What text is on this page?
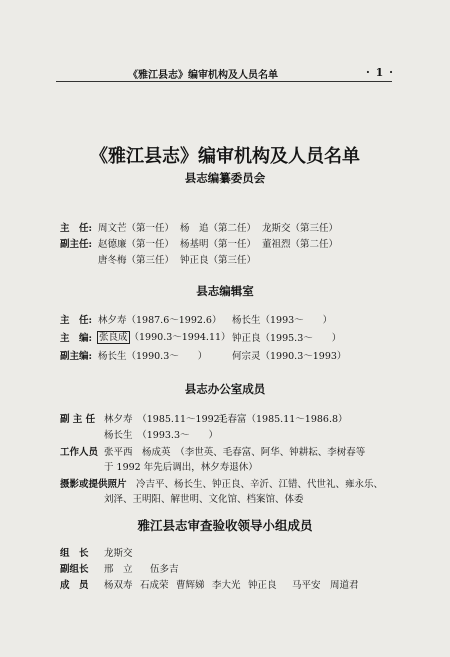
《雅江县志》编审机构及人员名单	· 1 ·
《雅江县志》编审机构及人员名单
县志编纂委员会
主　任: 周文芒（第一任） 杨　追（第二任） 龙斯交（第三任）
副主任: 赵德廉（第一任） 杨基明（第一任） 董祖烈（第二任）
唐冬梅（第三任） 钟正良（第三任）
县志编辑室
主　任: 林夕寿（1987.6～1992.6） 杨长生（1993～　　）
主　编: 张良成 （1990.3～1994.11） 钟正良（1995.3～　　）
副主编: 杨长生（1990.3～　　）	何宗灵（1990.3～1993）
县志办公室成员
副 主 任 林夕寿　（1985.11～1992）
毛春富（1985.11～1986.8）
杨长生　（1993.3～　　）
工作人员 张平西　杨成英　（李世英、毛春富、阿华、钟耕耘、李树春等
于 1992 年先后调出，林夕寿退休）
摄影或提供照片 冷吉平、杨长生、钟正良、辛沂、江错、代世礼、雍永乐、
刘泽、王明阳、解世明、文化馆、档案馆、体委
雅江县志审查验收领导小组成员
组　长 龙斯交
副组长 邢　立 伍多吉
成　员 杨双寿 石成荣 曹辉娣 李大光 钟正良 马平安 周道君
